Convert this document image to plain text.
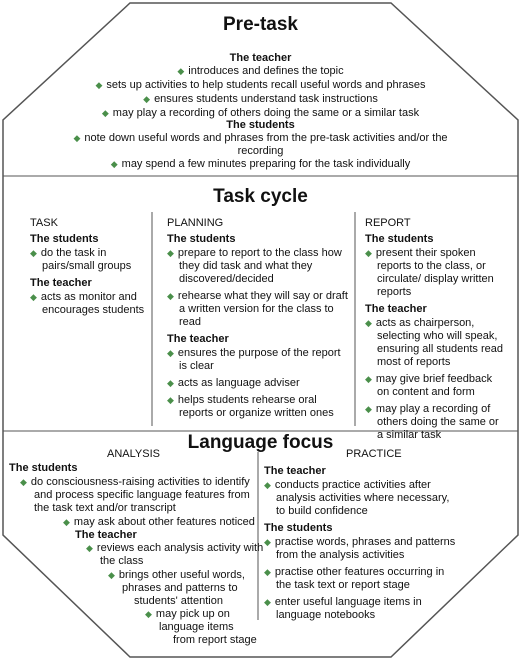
Pre-task
The teacher
◆ introduces and defines the topic
◆ sets up activities to help students recall useful words and phrases
◆ ensures students understand task instructions
◆ may play a recording of others doing the same or a similar task
The students
◆ note down useful words and phrases from the pre-task activities and/or the
recording
◆ may spend a few minutes preparing for the task individually
Task cycle
TASK
The students
◆ do the task in pairs/small groups
The teacher
◆ acts as monitor and encourages students
PLANNING
The students
◆ prepare to report to the class how they did task and what they discovered/decided
◆ rehearse what they will say or draft a written version for the class to read
The teacher
◆ ensures the purpose of the report is clear
◆ acts as language adviser
◆ helps students rehearse oral reports or organize written ones
REPORT
The students
◆ present their spoken reports to the class, or circulate/ display written reports
The teacher
◆ acts as chairperson, selecting who will speak, ensuring all students read most of reports
◆ may give brief feedback on content and form
◆ may play a recording of others doing the same or a similar task
Language focus
ANALYSIS
The students
◆ do consciousness-raising activities to identify
and process specific language features from
the task text and/or transcript
◆ may ask about other features noticed
The teacher
◆ reviews each analysis activity with
the class
◆ brings other useful words,
phrases and patterns to
students' attention
◆ may pick up on
language items
from report stage
PRACTICE
The teacher
◆ conducts practice activities after analysis activities where necessary, to build confidence
The students
◆ practise words, phrases and patterns from the analysis activities
◆ practise other features occurring in the task text or report stage
◆ enter useful language items in language notebooks
